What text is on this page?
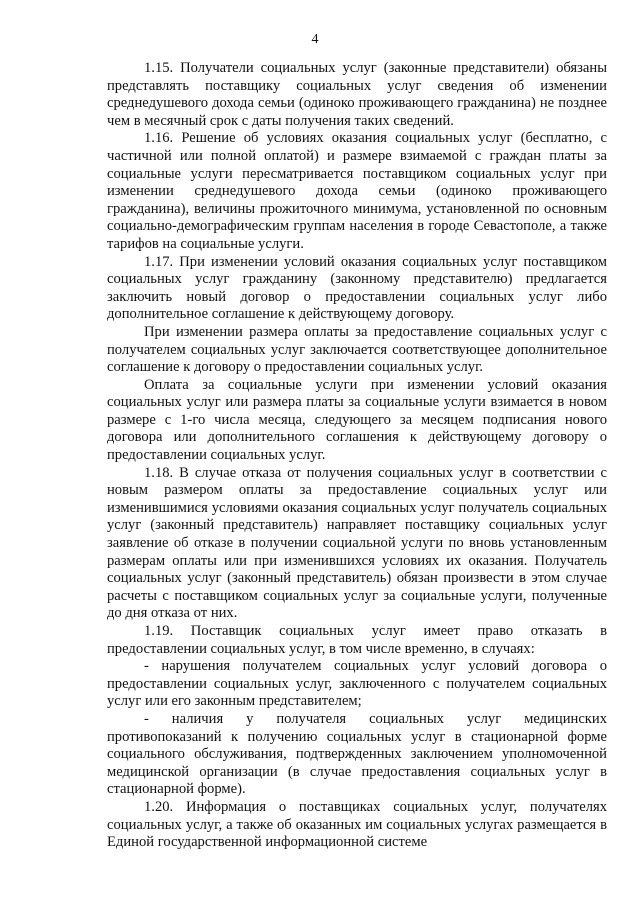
4

1.15. Получатели социальных услуг (законные представители) обязаны представлять поставщику социальных услуг сведения об изменении среднедушевого дохода семьи (одиноко проживающего гражданина) не позднее чем в месячный срок с даты получения таких сведений.

1.16. Решение об условиях оказания социальных услуг (бесплатно, с частичной или полной оплатой) и размере взимаемой с граждан платы за социальные услуги пересматривается поставщиком социальных услуг при изменении среднедушевого дохода семьи (одиноко проживающего гражданина), величины прожиточного минимума, установленной по основным социально-демографическим группам населения в городе Севастополе, а также тарифов на социальные услуги.

1.17. При изменении условий оказания социальных услуг поставщиком социальных услуг гражданину (законному представителю) предлагается заключить новый договор о предоставлении социальных услуг либо дополнительное соглашение к действующему договору.

При изменении размера оплаты за предоставление социальных услуг с получателем социальных услуг заключается соответствующее дополнительное соглашение к договору о предоставлении социальных услуг.

Оплата за социальные услуги при изменении условий оказания социальных услуг или размера платы за социальные услуги взимается в новом размере с 1-го числа месяца, следующего за месяцем подписания нового договора или дополнительного соглашения к действующему договору о предоставлении социальных услуг.

1.18. В случае отказа от получения социальных услуг в соответствии с новым размером оплаты за предоставление социальных услуг или изменившимися условиями оказания социальных услуг получатель социальных услуг (законный представитель) направляет поставщику социальных услуг заявление об отказе в получении социальной услуги по вновь установленным размерам оплаты или при изменившихся условиях их оказания. Получатель социальных услуг (законный представитель) обязан произвести в этом случае расчеты с поставщиком социальных услуг за социальные услуги, полученные до дня отказа от них.

1.19. Поставщик социальных услуг имеет право отказать в предоставлении социальных услуг, в том числе временно, в случаях:

- нарушения получателем социальных услуг условий договора о предоставлении социальных услуг, заключенного с получателем социальных услуг или его законным представителем;

- наличия у получателя социальных услуг медицинских противопоказаний к получению социальных услуг в стационарной форме социального обслуживания, подтвержденных заключением уполномоченной медицинской организации (в случае предоставления социальных услуг в стационарной форме).

1.20. Информация о поставщиках социальных услуг, получателях социальных услуг, а также об оказанных им социальных услугах размещается в Единой государственной информационной системе
